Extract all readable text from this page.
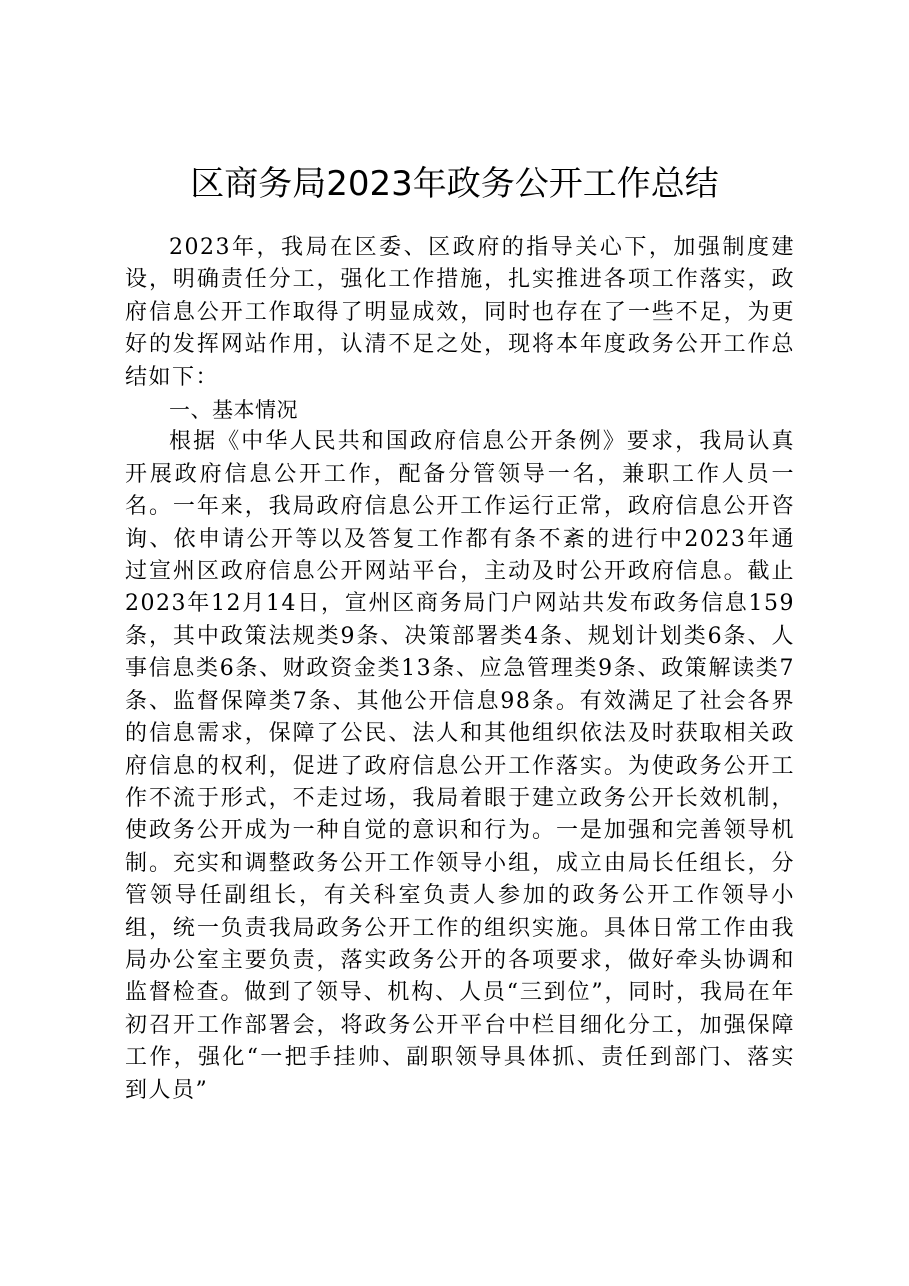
区商务局2023年政务公开工作总结

2023年，我局在区委、区政府的指导关心下，加强制度建设，明确责任分工，强化工作措施，扎实推进各项工作落实，政府信息公开工作取得了明显成效，同时也存在了一些不足，为更好的发挥网站作用，认清不足之处，现将本年度政务公开工作总结如下：

一、基本情况

根据《中华人民共和国政府信息公开条例》要求，我局认真开展政府信息公开工作，配备分管领导一名，兼职工作人员一名。一年来，我局政府信息公开工作运行正常，政府信息公开咨询、依申请公开等以及答复工作都有条不紊的进行中2023年通过宣州区政府信息公开网站平台，主动及时公开政府信息。截止2023年12月14日，宣州区商务局门户网站共发布政务信息159条，其中政策法规类9条、决策部署类4条、规划计划类6条、人事信息类6条、财政资金类13条、应急管理类9条、政策解读类7条、监督保障类7条、其他公开信息98条。有效满足了社会各界的信息需求，保障了公民、法人和其他组织依法及时获取相关政府信息的权利，促进了政府信息公开工作落实。为使政务公开工作不流于形式，不走过场，我局着眼于建立政务公开长效机制，使政务公开成为一种自觉的意识和行为。一是加强和完善领导机制。充实和调整政务公开工作领导小组，成立由局长任组长，分管领导任副组长，有关科室负责人参加的政务公开工作领导小组，统一负责我局政务公开工作的组织实施。具体日常工作由我局办公室主要负责，落实政务公开的各项要求，做好牵头协调和监督检查。做到了领导、机构、人员“三到位”，同时，我局在年初召开工作部署会，将政务公开平台中栏目细化分工，加强保障工作，强化“一把手挂帅、副职领导具体抓、责任到部门、落实到人员”
